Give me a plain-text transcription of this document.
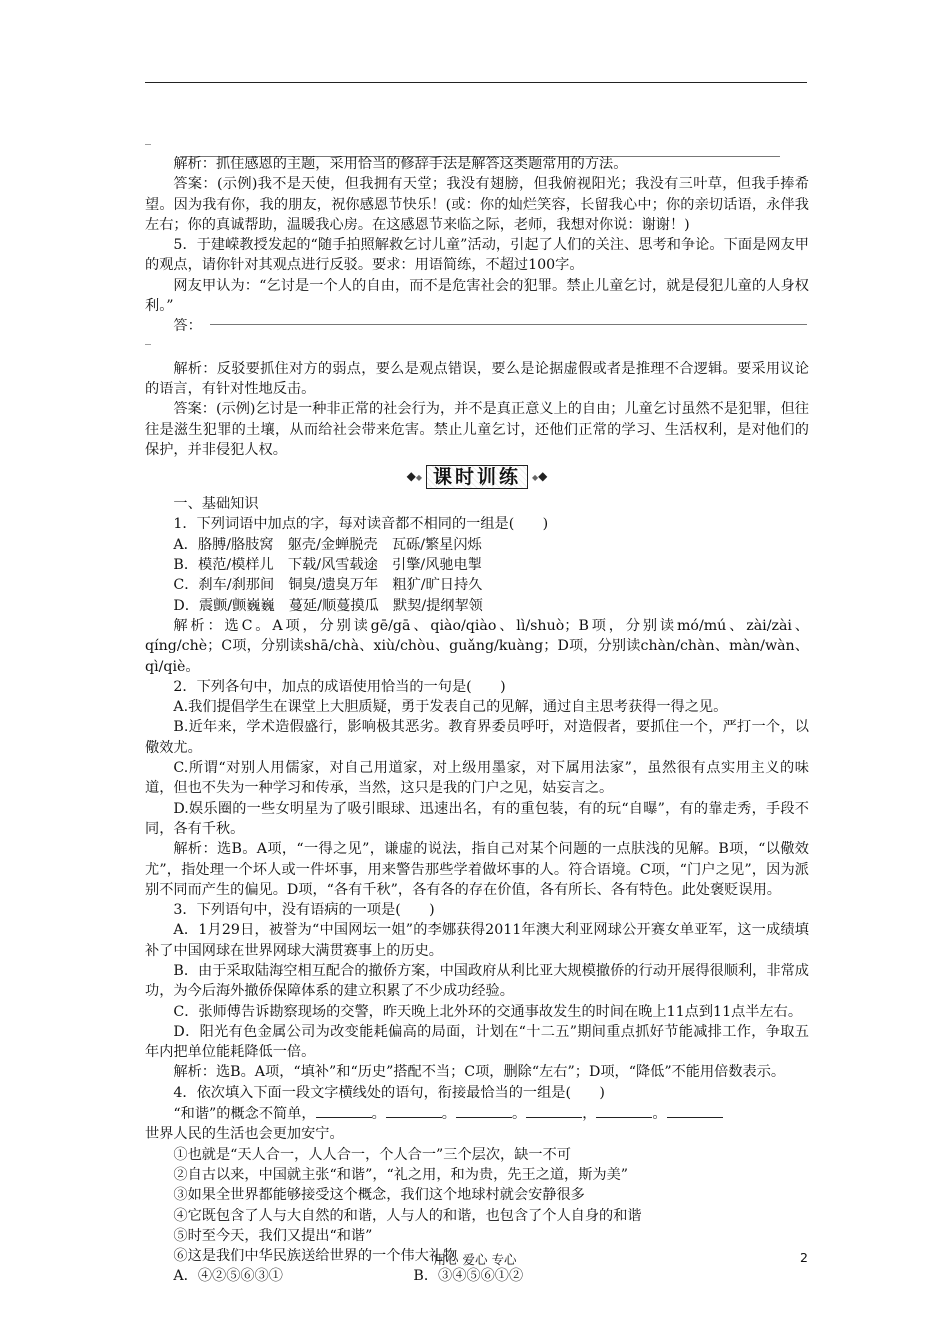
_
_

解析：抓住感恩的主题，采用恰当的修辞手法是解答这类题常用的方法。

答案：(示例)我不是天使，但我拥有天堂；我没有翅膀，但我俯视阳光；我没有三叶草，但我手捧希望。因为我有你，我的朋友，祝你感恩节快乐！(或：你的灿烂笑容，长留我心中；你的亲切话语，永伴我左右；你的真诚帮助，温暖我心房。在这感恩节来临之际，老师，我想对你说：谢谢！)

5．于建嵘教授发起的“随手拍照解救乞讨儿童”活动，引起了人们的关注、思考和争论。下面是网友甲的观点，请你针对其观点进行反驳。要求：用语简练，不超过100字。

网友甲认为：“乞讨是一个人的自由，而不是危害社会的犯罪。禁止儿童乞讨，就是侵犯儿童的人身权利。”

答：

解析：反驳要抓住对方的弱点，要么是观点错误，要么是论据虚假或者是推理不合逻辑。要采用议论的语言，有针对性地反击。

答案：(示例)乞讨是一种非正常的社会行为，并不是真正意义上的自由；儿童乞讨虽然不是犯罪，但往往是滋生犯罪的土壤，从而给社会带来危害。禁止儿童乞讨，还他们正常的学习、生活权利，是对他们的保护，并非侵犯人权。

◆◆ 课时训练	◆◆

一、基础知识

1．下列词语中加点的字，每对读音都不相同的一组是(　　)

A．胳膊/胳肢窝　躯壳/金蝉脱壳　瓦砾/繁星闪烁

B．模范/模样儿　下载/风雪载途　引擎/风驰电掣

C．刹车/刹那间　铜臭/遗臭万年　粗犷/旷日持久

D．震颤/颤巍巍　蔓延/顺蔓摸瓜　默契/提纲挈领

解析：选C。A项，分别读gē/gā、qiào/qiào、lì/shuò；B项，分别读mó/mú、zài/zài、qíng/chè；C项，分别读shā/chà、xiù/chòu、guǎng/kuàng；D项，分别读chàn/chàn、màn/wàn、qì/qiè。

2．下列各句中，加点的成语使用恰当的一句是(　　)

A.我们提倡学生在课堂上大胆质疑，勇于发表自己的见解，通过自主思考获得一得之见。

B.近年来，学术造假盛行，影响极其恶劣。教育界委员呼吁，对造假者，要抓住一个，严打一个，以儆效尤。

C.所谓“对别人用儒家，对自己用道家，对上级用墨家，对下属用法家”，虽然很有点实用主义的味道，但也不失为一种学习和传承，当然，这只是我的门户之见，姑妄言之。

D.娱乐圈的一些女明星为了吸引眼球、迅速出名，有的重包装，有的玩“自曝”，有的靠走秀，手段不同，各有千秋。

解析：选B。A项，“一得之见”，谦虚的说法，指自己对某个问题的一点肤浅的见解。B项，“以儆效尤”，指处理一个坏人或一件坏事，用来警告那些学着做坏事的人。符合语境。C项，“门户之见”，因为派别不同而产生的偏见。D项，“各有千秋”，各有各的存在价值，各有所长、各有特色。此处褒贬误用。

3．下列语句中，没有语病的一项是(　　)

A．1月29日，被誉为“中国网坛一姐”的李娜获得2011年澳大利亚网球公开赛女单亚军，这一成绩填补了中国网球在世界网球大满贯赛事上的历史。

B．由于采取陆海空相互配合的撤侨方案，中国政府从利比亚大规模撤侨的行动开展得很顺利，非常成功，为今后海外撤侨保障体系的建立积累了不少成功经验。

C．张师傅告诉勘察现场的交警，昨天晚上北外环的交通事故发生的时间在晚上11点到11点半左右。

D．阳光有色金属公司为改变能耗偏高的局面，计划在“十二五”期间重点抓好节能减排工作，争取五年内把单位能耗降低一倍。

解析：选B。A项，“填补”和“历史”搭配不当；C项，删除“左右”；D项，“降低”不能用倍数表示。

4．依次填入下面一段文字横线处的语句，衔接最恰当的一组是(　　)

“和谐”的概念不简单，	。	。	。	，	。

世界人民的生活也会更加安宁。

①也就是“天人合一，人人合一，个人合一”三个层次，缺一不可

②自古以来，中国就主张“和谐”，“礼之用，和为贵，先王之道，斯为美”

③如果全世界都能够接受这个概念，我们这个地球村就会安静很多

④它既包含了人与大自然的和谐，人与人的和谐，也包含了个人自身的和谐

⑤时至今天，我们又提出“和谐”

⑥这是我们中华民族送给世界的一个伟大礼物

A．④②⑤⑥③①	B．③④⑤⑥①②

用心 爱心 专心	2
